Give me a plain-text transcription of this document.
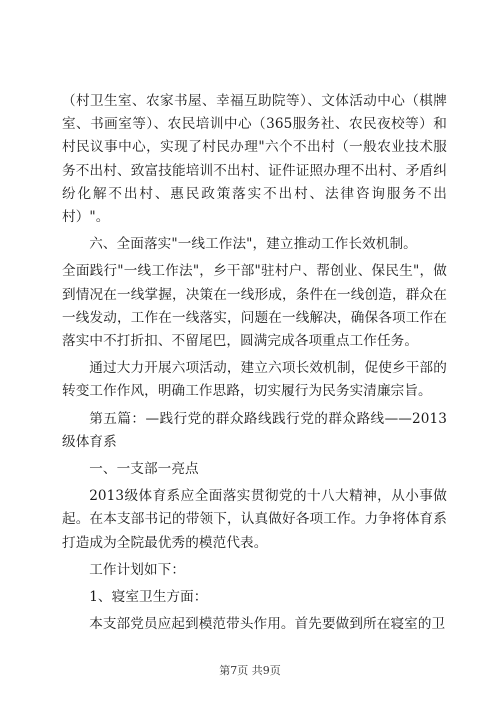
（村卫生室、农家书屋、幸福互助院等）、文体活动中心（棋牌室、书画室等）、农民培训中心（365服务社、农民夜校等）和村民议事中心，实现了村民办理"六个不出村（一般农业技术服务不出村、致富技能培训不出村、证件证照办理不出村、矛盾纠纷化解不出村、惠民政策落实不出村、法律咨询服务不出村）"。

六、全面落实"一线工作法"，建立推动工作长效机制。

全面践行"一线工作法"，乡干部"驻村户、帮创业、保民生"，做到情况在一线掌握，决策在一线形成，条件在一线创造，群众在一线发动，工作在一线落实，问题在一线解决，确保各项工作在落实中不打折扣、不留尾巴，圆满完成各项重点工作任务。

通过大力开展六项活动，建立六项长效机制，促使乡干部的转变工作作风，明确工作思路，切实履行为民务实清廉宗旨。

第五篇：—践行党的群众路线践行党的群众路线——2013级体育系

一、一支部一亮点

2013级体育系应全面落实贯彻党的十八大精神，从小事做起。在本支部书记的带领下，认真做好各项工作。力争将体育系打造成为全院最优秀的模范代表。

工作计划如下：

1、寝室卫生方面：

本支部党员应起到模范带头作用。首先要做到所在寝室的卫

第7页 共9页
